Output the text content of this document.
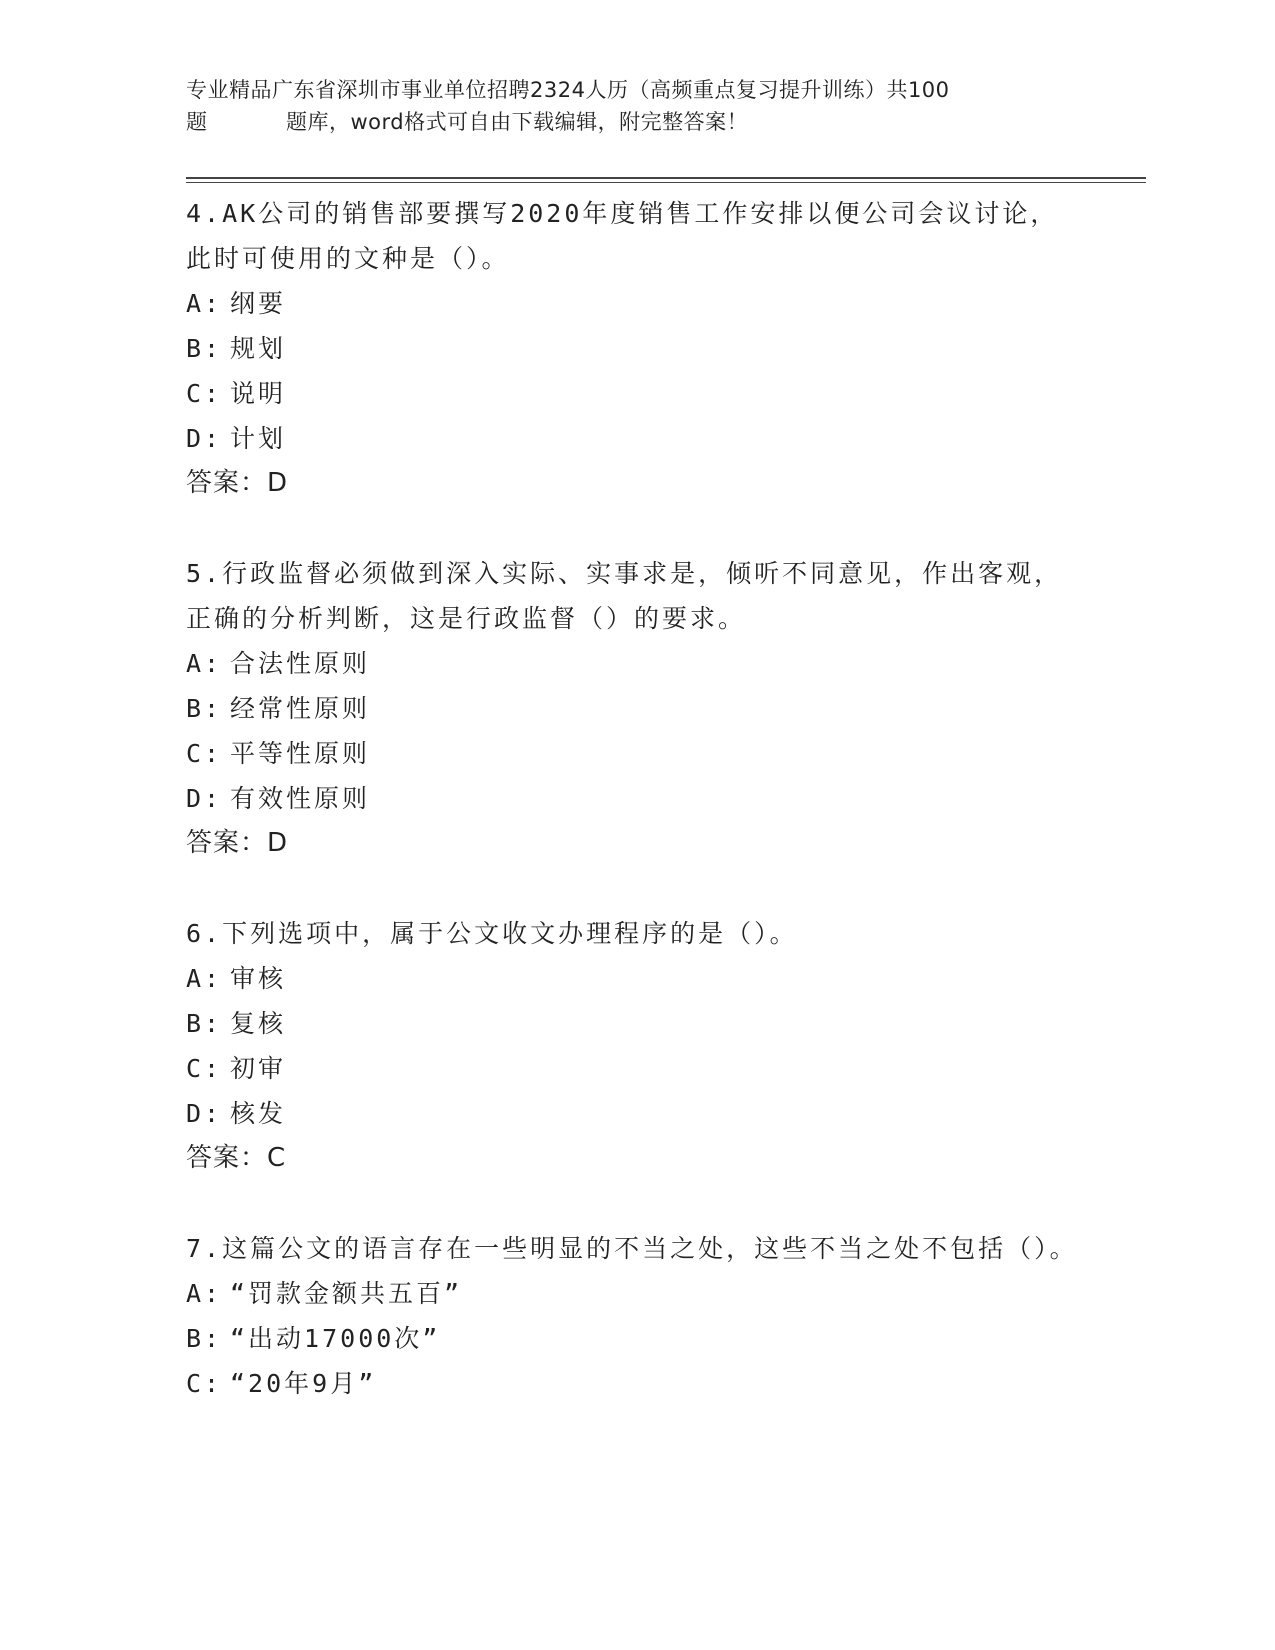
专业精品广东省深圳市事业单位招聘2324人历（高频重点复习提升训练）共100
题	题库，word格式可自由下载编辑，附完整答案！
4.AK公司的销售部要撰写2020年度销售工作安排以便公司会议讨论，此时可使用的文种是（）。
A: 纲要
B: 规划
C: 说明
D: 计划
答案：D
5.行政监督必须做到深入实际、实事求是，倾听不同意见，作出客观，正确的分析判断，这是行政监督（）的要求。
A: 合法性原则
B: 经常性原则
C: 平等性原则
D: 有效性原则
答案：D
6.下列选项中，属于公文收文办理程序的是（）。
A: 审核
B: 复核
C: 初审
D: 核发
答案：C
7.这篇公文的语言存在一些明显的不当之处，这些不当之处不包括（）。
A: “罚款金额共五百”
B: “出动17000次”
C: “20年9月”
